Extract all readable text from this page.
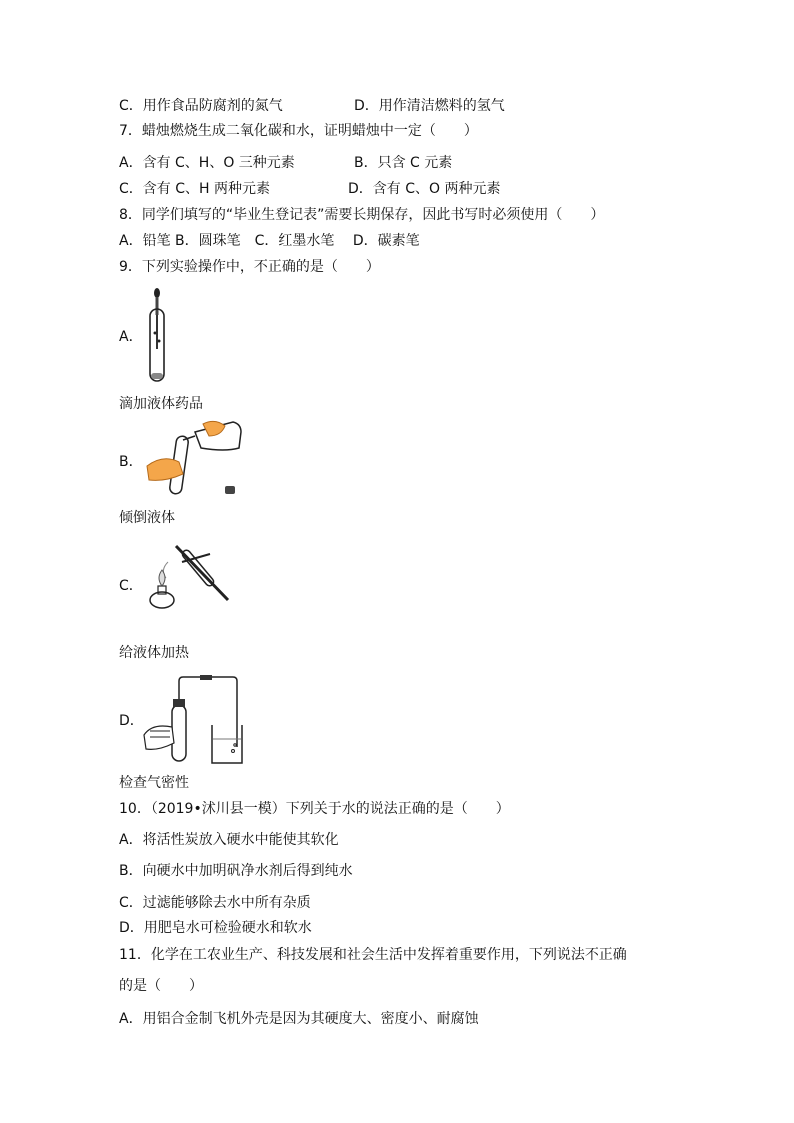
C．用作食品防腐剂的氮气	D．用作清洁燃料的氢气
7．蜡烛燃烧生成二氧化碳和水，证明蜡烛中一定（　　）
A．含有 C、H、O 三种元素	B．只含 C 元素
C．含有 C、H 两种元素	D．含有 C、O 两种元素
8．同学们填写的“毕业生登记表”需要长期保存，因此书写时必须使用（　　）
A．铅笔 B．圆珠笔　C．红墨水笔　 D．碳素笔
9．下列实验操作中，不正确的是（　　）
A．
滴加液体药品
B．
倾倒液体
C．
给液体加热
D．
检查气密性
10．（2019•沭川县一模）下列关于水的说法正确的是（　　）
A．将活性炭放入硬水中能使其软化
B．向硬水中加明矾净水剂后得到纯水
C．过滤能够除去水中所有杂质
D．用肥皂水可检验硬水和软水
11．化学在工农业生产、科技发展和社会生活中发挥着重要作用，下列说法不正确
的是（　　）
A．用铝合金制飞机外壳是因为其硬度大、密度小、耐腐蚀
